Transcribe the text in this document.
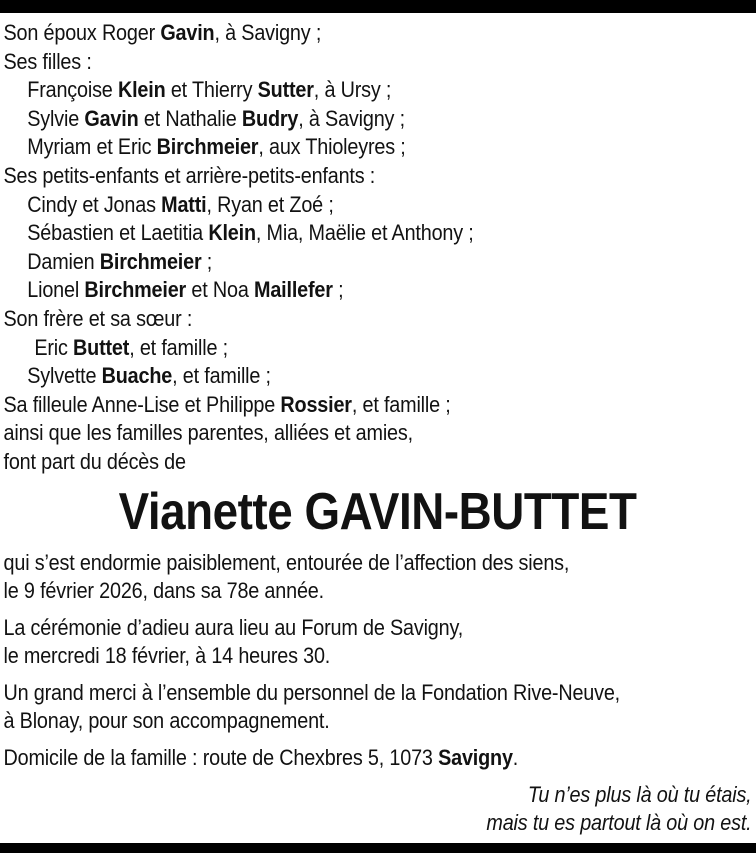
Son époux Roger Gavin, à Savigny ;
Ses filles :
Françoise Klein et Thierry Sutter, à Ursy ;
Sylvie Gavin et Nathalie Budry, à Savigny ;
Myriam et Eric Birchmeier, aux Thioleyres ;
Ses petits-enfants et arrière-petits-enfants :
Cindy et Jonas Matti, Ryan et Zoé ;
Sébastien et Laetitia Klein, Mia, Maëlie et Anthony ;
Damien Birchmeier ;
Lionel Birchmeier et Noa Maillefer ;
Son frère et sa sœur :
Eric Buttet, et famille ;
Sylvette Buache, et famille ;
Sa filleule Anne-Lise et Philippe Rossier, et famille ;
ainsi que les familles parentes, alliées et amies,
font part du décès de
Vianette GAVIN-BUTTET
qui s’est endormie paisiblement, entourée de l’affection des siens,
le 9 février 2026, dans sa 78e année.
La cérémonie d’adieu aura lieu au Forum de Savigny,
le mercredi 18 février, à 14 heures 30.
Un grand merci à l’ensemble du personnel de la Fondation Rive-Neuve,
à Blonay, pour son accompagnement.
Domicile de la famille : route de Chexbres 5, 1073 Savigny.
Tu n’es plus là où tu étais,
mais tu es partout là où on est.
